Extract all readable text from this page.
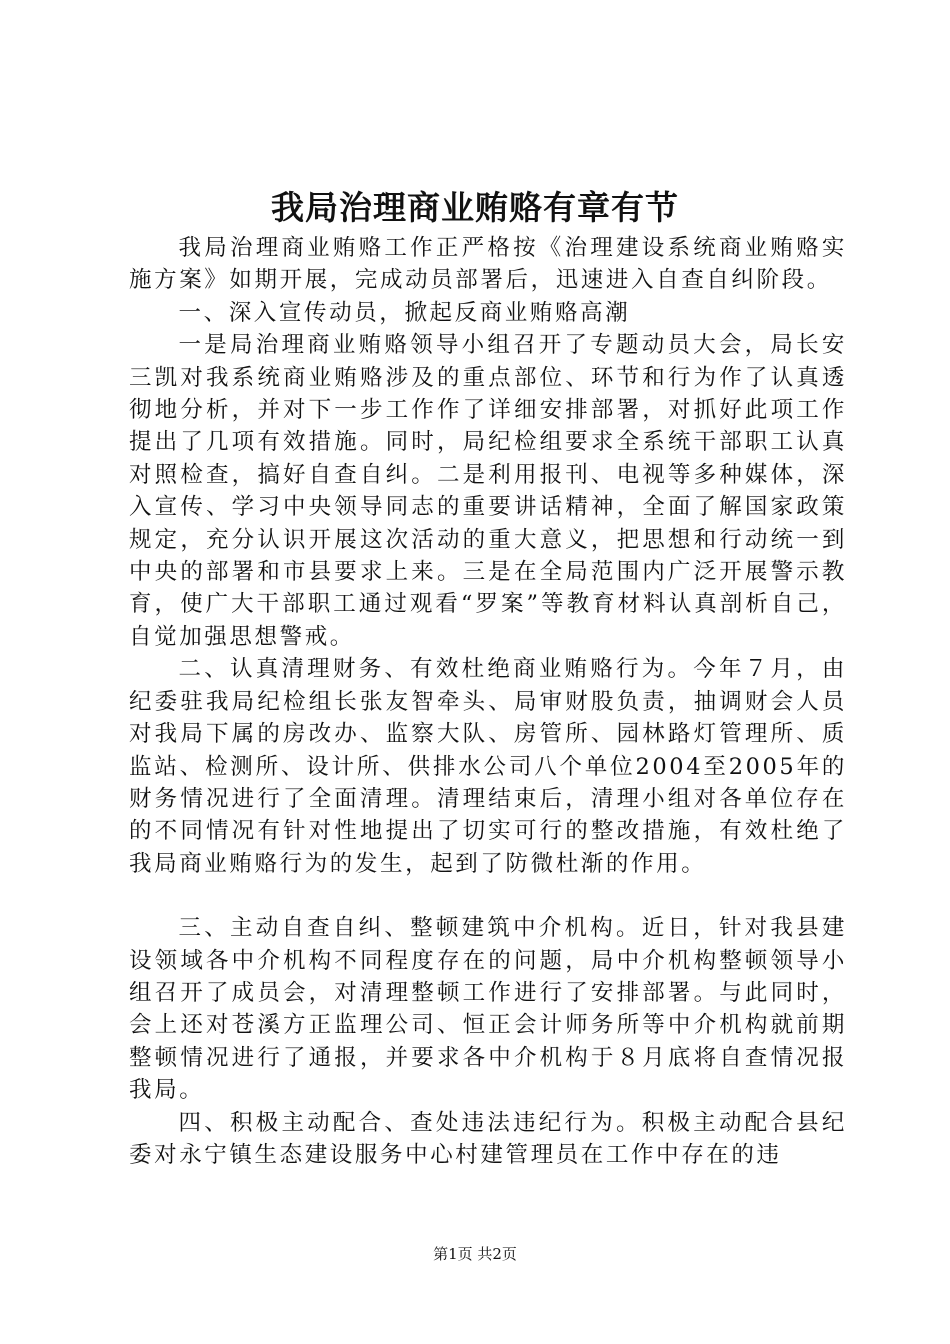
我局治理商业贿赂有章有节

我局治理商业贿赂工作正严格按《治理建设系统商业贿赂实施方案》如期开展，完成动员部署后，迅速进入自查自纠阶段。

一、深入宣传动员，掀起反商业贿赂高潮

一是局治理商业贿赂领导小组召开了专题动员大会，局长安三凯对我系统商业贿赂涉及的重点部位、环节和行为作了认真透彻地分析，并对下一步工作作了详细安排部署，对抓好此项工作提出了几项有效措施。同时，局纪检组要求全系统干部职工认真对照检查，搞好自查自纠。二是利用报刊、电视等多种媒体，深入宣传、学习中央领导同志的重要讲话精神，全面了解国家政策规定，充分认识开展这次活动的重大意义，把思想和行动统一到中央的部署和市县要求上来。三是在全局范围内广泛开展警示教育，使广大干部职工通过观看“罗案”等教育材料认真剖析自己，自觉加强思想警戒。

二、认真清理财务、有效杜绝商业贿赂行为。今年７月，由纪委驻我局纪检组长张友智牵头、局审财股负责，抽调财会人员对我局下属的房改办、监察大队、房管所、园林路灯管理所、质监站、检测所、设计所、供排水公司八个单位2004至2005年的财务情况进行了全面清理。清理结束后，清理小组对各单位存在的不同情况有针对性地提出了切实可行的整改措施，有效杜绝了我局商业贿赂行为的发生，起到了防微杜渐的作用。

三、主动自查自纠、整顿建筑中介机构。近日，针对我县建设领域各中介机构不同程度存在的问题，局中介机构整顿领导小组召开了成员会，对清理整顿工作进行了安排部署。与此同时，会上还对苍溪方正监理公司、恒正会计师务所等中介机构就前期整顿情况进行了通报，并要求各中介机构于８月底将自查情况报我局。

四、积极主动配合、查处违法违纪行为。积极主动配合县纪委对永宁镇生态建设服务中心村建管理员在工作中存在的违

第1页 共2页
